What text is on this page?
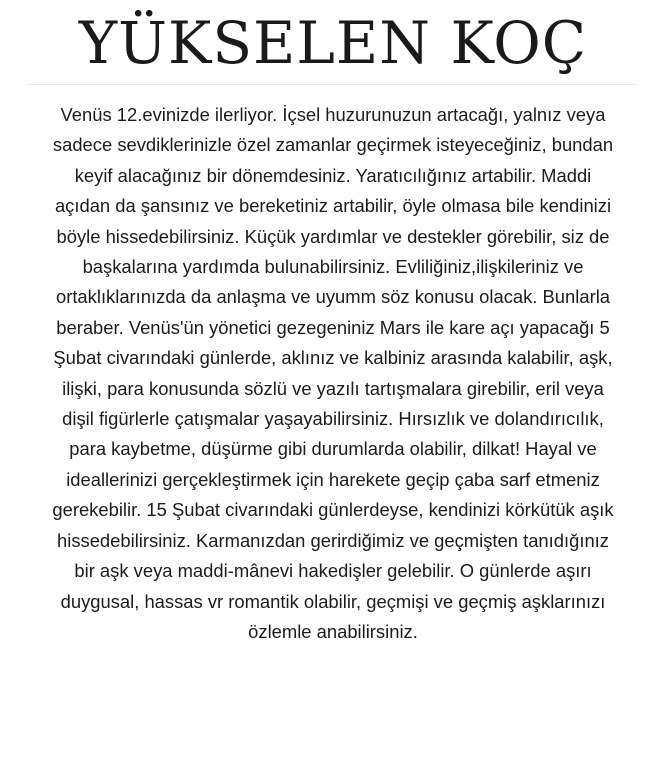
YÜKSELEN KOÇ

Venüs 12.evinizde ilerliyor. İçsel huzurunuzun artacağı, yalnız veya
sadece sevdiklerinizle özel zamanlar geçirmek isteyeceğiniz, bundan
keyif alacağınız bir dönemdesiniz. Yaratıcılığınız artabilir. Maddi
açıdan da şansınız ve bereketiniz artabilir, öyle olmasa bile kendinizi
böyle hissedebilirsiniz. Küçük yardımlar ve destekler görebilir, siz de
başkalarına yardımda bulunabilirsiniz. Evliliğiniz,ilişkileriniz ve
ortaklıklarınızda da anlaşma ve uyumm söz konusu olacak. Bunlarla
beraber. Venüs'ün yönetici gezegeniniz Mars ile kare açı yapacağı 5
Şubat civarındaki günlerde, aklınız ve kalbiniz arasında kalabilir, aşk,
ilişki, para konusunda sözlü ve yazılı tartışmalara girebilir, eril veya
dişil figürlerle çatışmalar yaşayabilirsiniz. Hırsızlık ve dolandırıcılık,
para kaybetme, düşürme gibi durumlarda olabilir, dilkat! Hayal ve
ideallerinizi gerçekleştirmek için harekete geçip çaba sarf etmeniz
gerekebilir. 15 Şubat civarındaki günlerdeyse, kendinizi körkütük aşık
hissedebilirsiniz. Karmanızdan gerirdiğimiz ve geçmişten tanıdığınız
bir aşk veya maddi-mânevi hakedişler gelebilir. O günlerde aşırı
duygusal, hassas vr romantik olabilir, geçmişi ve geçmiş aşklarınızı
özlemle anabilirsiniz.
